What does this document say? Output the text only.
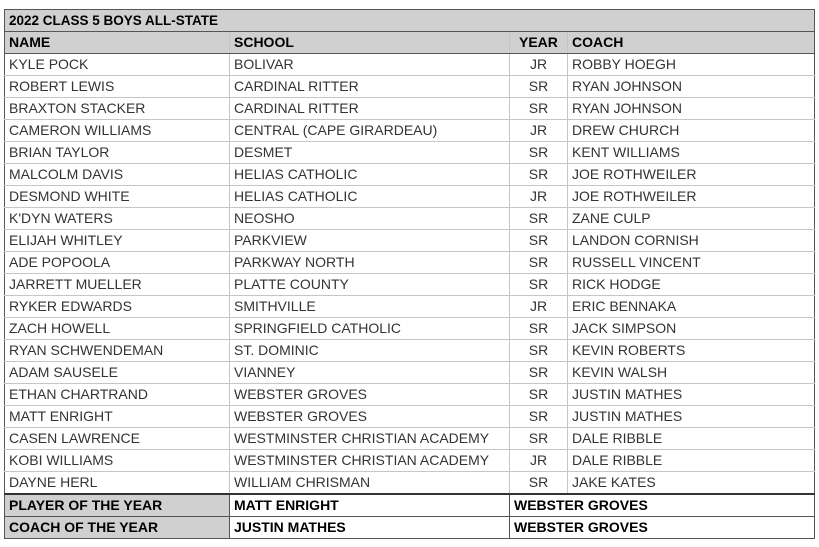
2022 CLASS 5 BOYS ALL-STATE			
NAME	SCHOOL	YEAR	COACH
KYLE POCK	BOLIVAR	JR	ROBBY HOEGH
ROBERT LEWIS	CARDINAL RITTER	SR	RYAN JOHNSON
BRAXTON STACKER	CARDINAL RITTER	SR	RYAN JOHNSON
CAMERON WILLIAMS	CENTRAL (CAPE GIRARDEAU)	JR	DREW CHURCH
BRIAN TAYLOR	DESMET	SR	KENT WILLIAMS
MALCOLM DAVIS	HELIAS CATHOLIC	SR	JOE ROTHWEILER
DESMOND WHITE	HELIAS CATHOLIC	JR	JOE ROTHWEILER
K'DYN WATERS	NEOSHO	SR	ZANE CULP
ELIJAH WHITLEY	PARKVIEW	SR	LANDON CORNISH
ADE POPOOLA	PARKWAY NORTH	SR	RUSSELL VINCENT
JARRETT MUELLER	PLATTE COUNTY	SR	RICK HODGE
RYKER EDWARDS	SMITHVILLE	JR	ERIC BENNAKA
ZACH HOWELL	SPRINGFIELD CATHOLIC	SR	JACK SIMPSON
RYAN SCHWENDEMAN	ST. DOMINIC	SR	KEVIN ROBERTS
ADAM SAUSELE	VIANNEY	SR	KEVIN WALSH
ETHAN CHARTRAND	WEBSTER GROVES	SR	JUSTIN MATHES
MATT ENRIGHT	WEBSTER GROVES	SR	JUSTIN MATHES
CASEN LAWRENCE	WESTMINSTER CHRISTIAN ACADEMY	SR	DALE RIBBLE
KOBI WILLIAMS	WESTMINSTER CHRISTIAN ACADEMY	JR	DALE RIBBLE
DAYNE HERL	WILLIAM CHRISMAN	SR	JAKE KATES
PLAYER OF THE YEAR	MATT ENRIGHT	WEBSTER GROVES	
COACH OF THE YEAR	JUSTIN MATHES	WEBSTER GROVES	
